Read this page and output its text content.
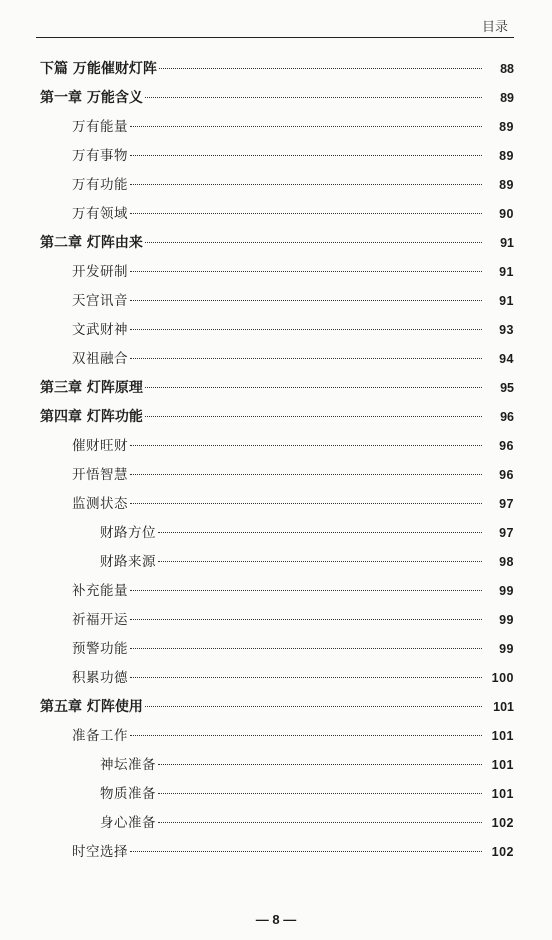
目录
下篇 万能催财灯阵	88
第一章 万能含义	89
万有能量	89
万有事物	89
万有功能	89
万有领域	90
第二章 灯阵由来	91
开发研制	91
天宫讯音	91
文武财神	93
双祖融合	94
第三章 灯阵原理	95
第四章 灯阵功能	96
催财旺财	96
开悟智慧	96
监测状态	97
财路方位	97
财路来源	98
补充能量	99
祈福开运	99
预警功能	99
积累功德	100
第五章 灯阵使用	101
准备工作	101
神坛准备	101
物质准备	101
身心准备	102
时空选择	102
— 8 —
